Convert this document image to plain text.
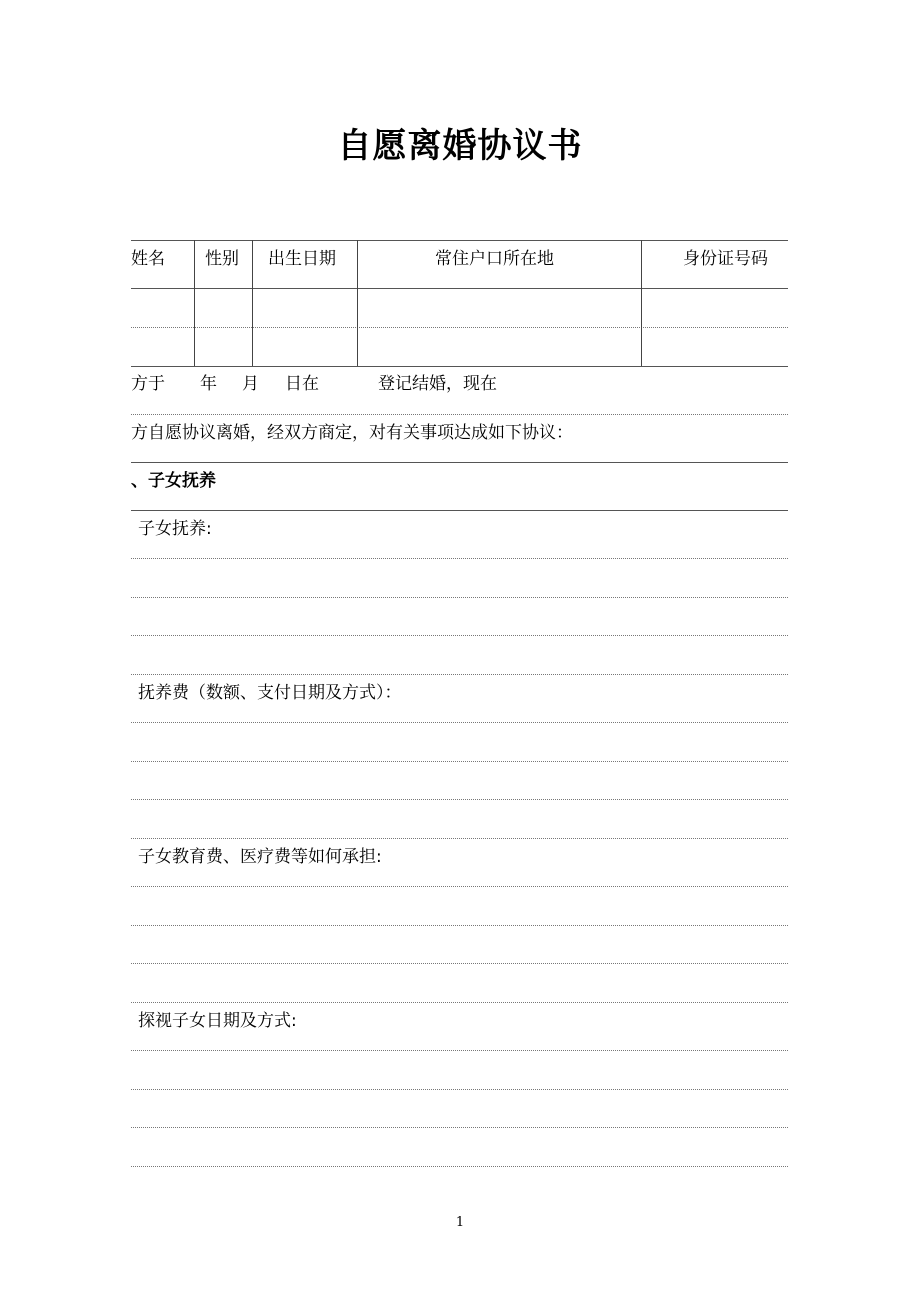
自愿离婚协议书
姓名 性别 出生日期	常住户口所在地	身份证号码
方于 年 月 日在	登记结婚，现在
方自愿协议离婚，经双方商定，对有关事项达成如下协议：
、子女抚养
子女抚养:
抚养费（数额、支付日期及方式）：
子女教育费、医疗费等如何承担:
探视子女日期及方式:
1
